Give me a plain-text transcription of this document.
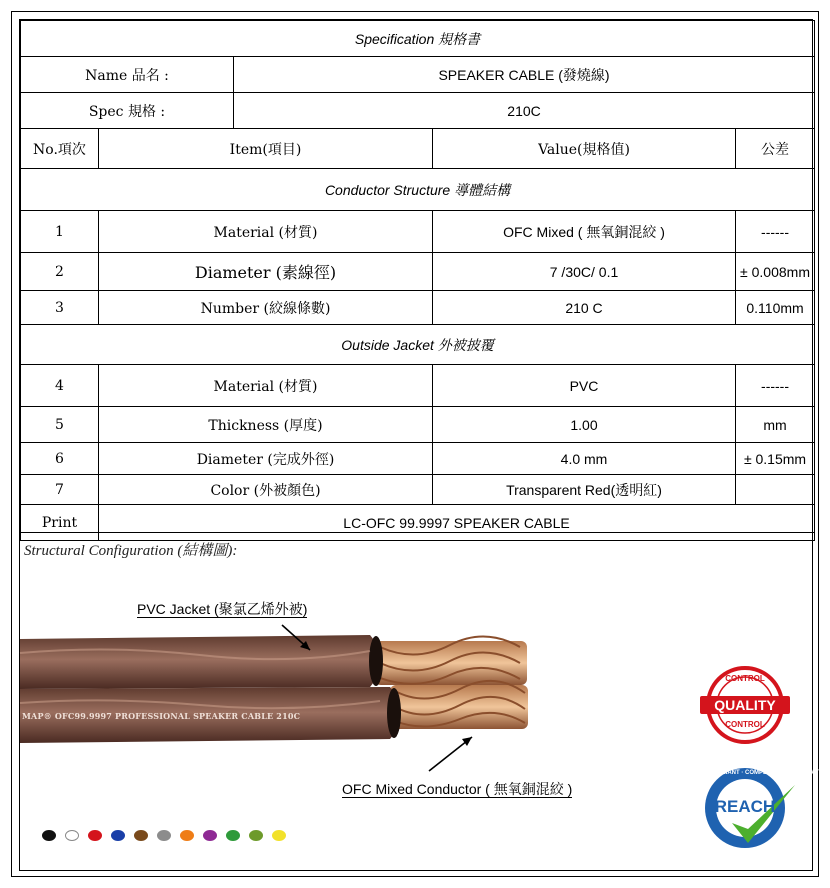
Specification 規格書				
Name 品名 :		SPEAKER CABLE (發燒線)		
Spec 規格 :		210C		
No.項次	Item(項目)		Value(規格值)	公差
Conductor Structure 導體結構				
1	Material (材質)		OFC Mixed ( 無氧銅混絞 )	------
2	Diameter (素線徑)		7 /30C/ 0.1	± 0.008mm
3	Number (絞線條數)		210 C	0.110mm
Outside Jacket 外被披覆				
4	Material (材質)		PVC	------
5	Thickness (厚度)		1.00	mm
6	Diameter (完成外徑)		4.0 mm	± 0.15mm
7	Color (外被顏色)		Transparent Red(透明紅)	
Print	LC-OFC 99.9997 SPEAKER CABLE			
Structural Configuration (結構圖):
PVC Jacket (聚氯乙烯外被)
OFC Mixed Conductor ( 無氧銅混絞 )
MAP® OFC99.9997 PROFESSIONAL SPEAKER CABLE 210C
CONTROL
QUALITY
CONTROL
COMPLIANT · COMPLIANT · COMPLIANT ·
REACH
